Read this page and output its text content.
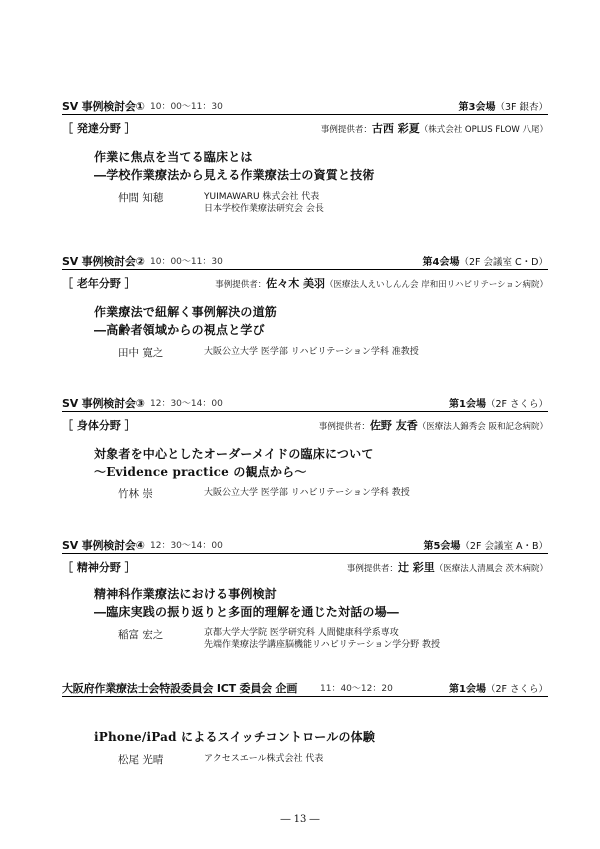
SV 事例検討会① 10：00～11：30	第3会場（3F 銀杏）
［ 発達分野 ］	事例提供者：古西 彩夏（株式会社 OPLUS FLOW 八尾）
作業に焦点を当てる臨床とは
―学校作業療法から見える作業療法士の資質と技術
仲間 知穂	YUIMAWARU 株式会社 代表
日本学校作業療法研究会 会長
SV 事例検討会② 10：00～11：30	第4会場（2F 会議室 C・D）
［ 老年分野 ］	事例提供者：佐々木 美羽（医療法人えいしんん会 岸和田リハビリテーション病院）
作業療法で紐解く事例解決の道筋
―高齢者領域からの視点と学び
田中 寛之	大阪公立大学 医学部 リハビリテーション学科 准教授
SV 事例検討会③ 12：30～14：00	第1会場（2F さくら）
［ 身体分野 ］	事例提供者：佐野 友香（医療法人錦秀会 阪和記念病院）
対象者を中心としたオーダーメイドの臨床について
～Evidence practice の観点から～
竹林 崇	大阪公立大学 医学部 リハビリテーション学科 教授
SV 事例検討会④ 12：30～14：00	第5会場（2F 会議室 A・B）
［ 精神分野 ］	事例提供者：辻 彩里（医療法人清風会 茨木病院）
精神科作業療法における事例検討
―臨床実践の振り返りと多面的理解を通じた対話の場―
稲富 宏之	京都大学大学院 医学研究科 人間健康科学系専攻
先端作業療法学講座脳機能リハビリテーション学分野 教授
大阪府作業療法士会特設委員会 ICT 委員会 企画	11：40～12：20	第1会場（2F さくら）
iPhone/iPad によるスイッチコントロールの体験
松尾 光晴	アクセスエール株式会社 代表
― 13 ―
